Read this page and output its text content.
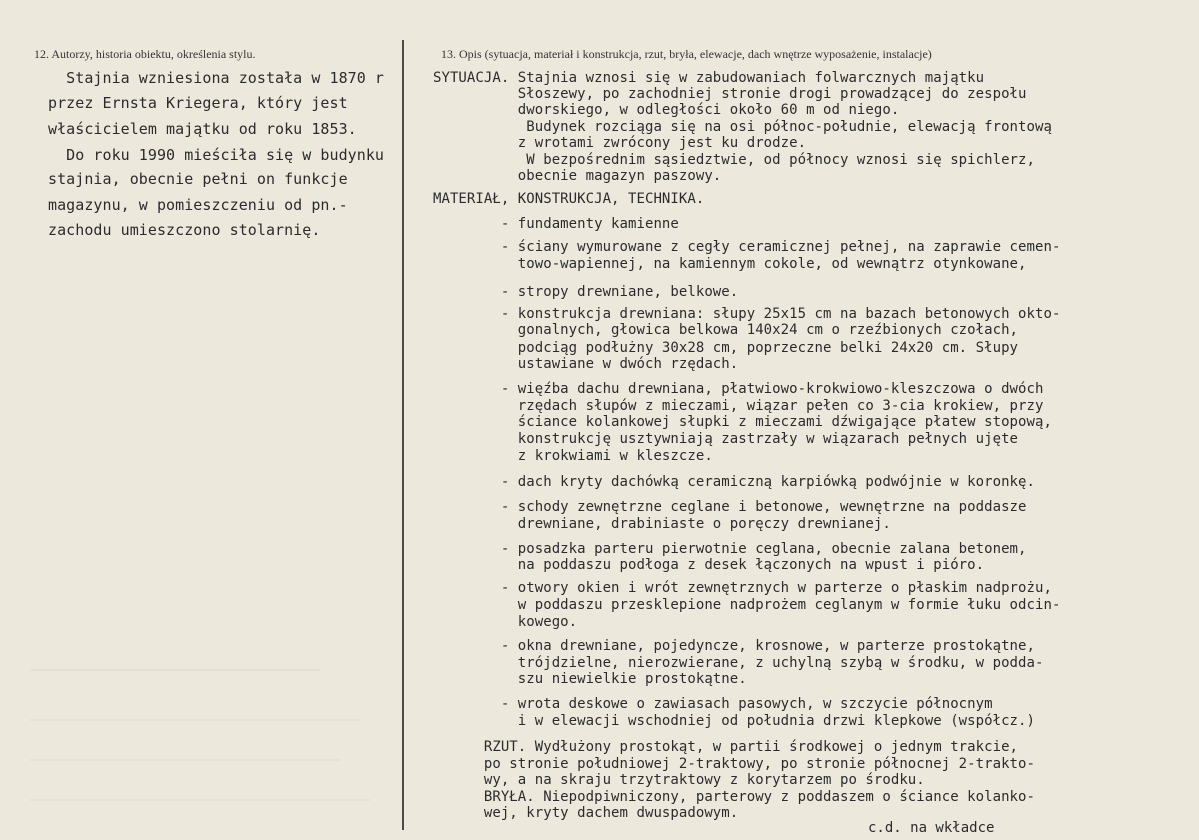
12. Autorzy, historia obiektu, określenia stylu.	13. Opis (sytuacja, materiał i konstrukcja, rzut, bryła, elewacje, dach wnętrze wyposażenie, instalacje)
Stajnia wzniesiona została w 1870 r
przez Ernsta Kriegera, który jest
właścicielem majątku od roku 1853.
Do roku 1990 mieściła się w budynku
stajnia, obecnie pełni on funkcje
magazynu, w pomieszczeniu od pn.-
zachodu umieszczono stolarnię.
SYTUACJA. Stajnia wznosi się w zabudowaniach folwarcznych majątku
Słoszewy, po zachodniej stronie drogi prowadzącej do zespołu
dworskiego, w odległości około 60 m od niego.
Budynek rozciąga się na osi północ-południe, elewacją frontową
z wrotami zwrócony jest ku drodze.
W bezpośrednim sąsiedztwie, od północy wznosi się spichlerz,
obecnie magazyn paszowy.
MATERIAŁ, KONSTRUKCJA, TECHNIKA.
- fundamenty kamienne
- ściany wymurowane z cegły ceramicznej pełnej, na zaprawie cemen-
towo-wapiennej, na kamiennym cokole, od wewnątrz otynkowane,
- stropy drewniane, belkowe.
- konstrukcja drewniana: słupy 25x15 cm na bazach betonowych okto-
gonalnych, głowica belkowa 140x24 cm o rzeźbionych czołach,
podciąg podłużny 30x28 cm, poprzeczne belki 24x20 cm. Słupy
ustawiane w dwóch rzędach.
- więźba dachu drewniana, płatwiowo-krokwiowo-kleszczowa o dwóch
rzędach słupów z mieczami, wiązar pełen co 3-cia krokiew, przy
ściance kolankowej słupki z mieczami dźwigające płatew stopową,
konstrukcję usztywniają zastrzały w wiązarach pełnych ujęte
z krokwiami w kleszcze.
- dach kryty dachówką ceramiczną karpiówką podwójnie w koronkę.
- schody zewnętrzne ceglane i betonowe, wewnętrzne na poddasze
drewniane, drabiniaste o poręczy drewnianej.
- posadzka parteru pierwotnie ceglana, obecnie zalana betonem,
na poddaszu podłoga z desek łączonych na wpust i pióro.
- otwory okien i wrót zewnętrznych w parterze o płaskim nadprożu,
w poddaszu przesklepione nadprożem ceglanym w formie łuku odcin-
kowego.
- okna drewniane, pojedyncze, krosnowe, w parterze prostokątne,
trójdzielne, nierozwierane, z uchylną szybą w środku, w podda-
szu niewielkie prostokątne.
- wrota deskowe o zawiasach pasowych, w szczycie północnym
i w elewacji wschodniej od południa drzwi klepkowe (współcz.)
RZUT. Wydłużony prostokąt, w partii środkowej o jednym trakcie,
po stronie południowej 2-traktowy, po stronie północnej 2-trakto-
wy, a na skraju trzytraktowy z korytarzem po środku.
BRYŁA. Niepodpiwniczony, parterowy z poddaszem o ściance kolanko-
wej, kryty dachem dwuspadowym.
c.d. na wkładce
